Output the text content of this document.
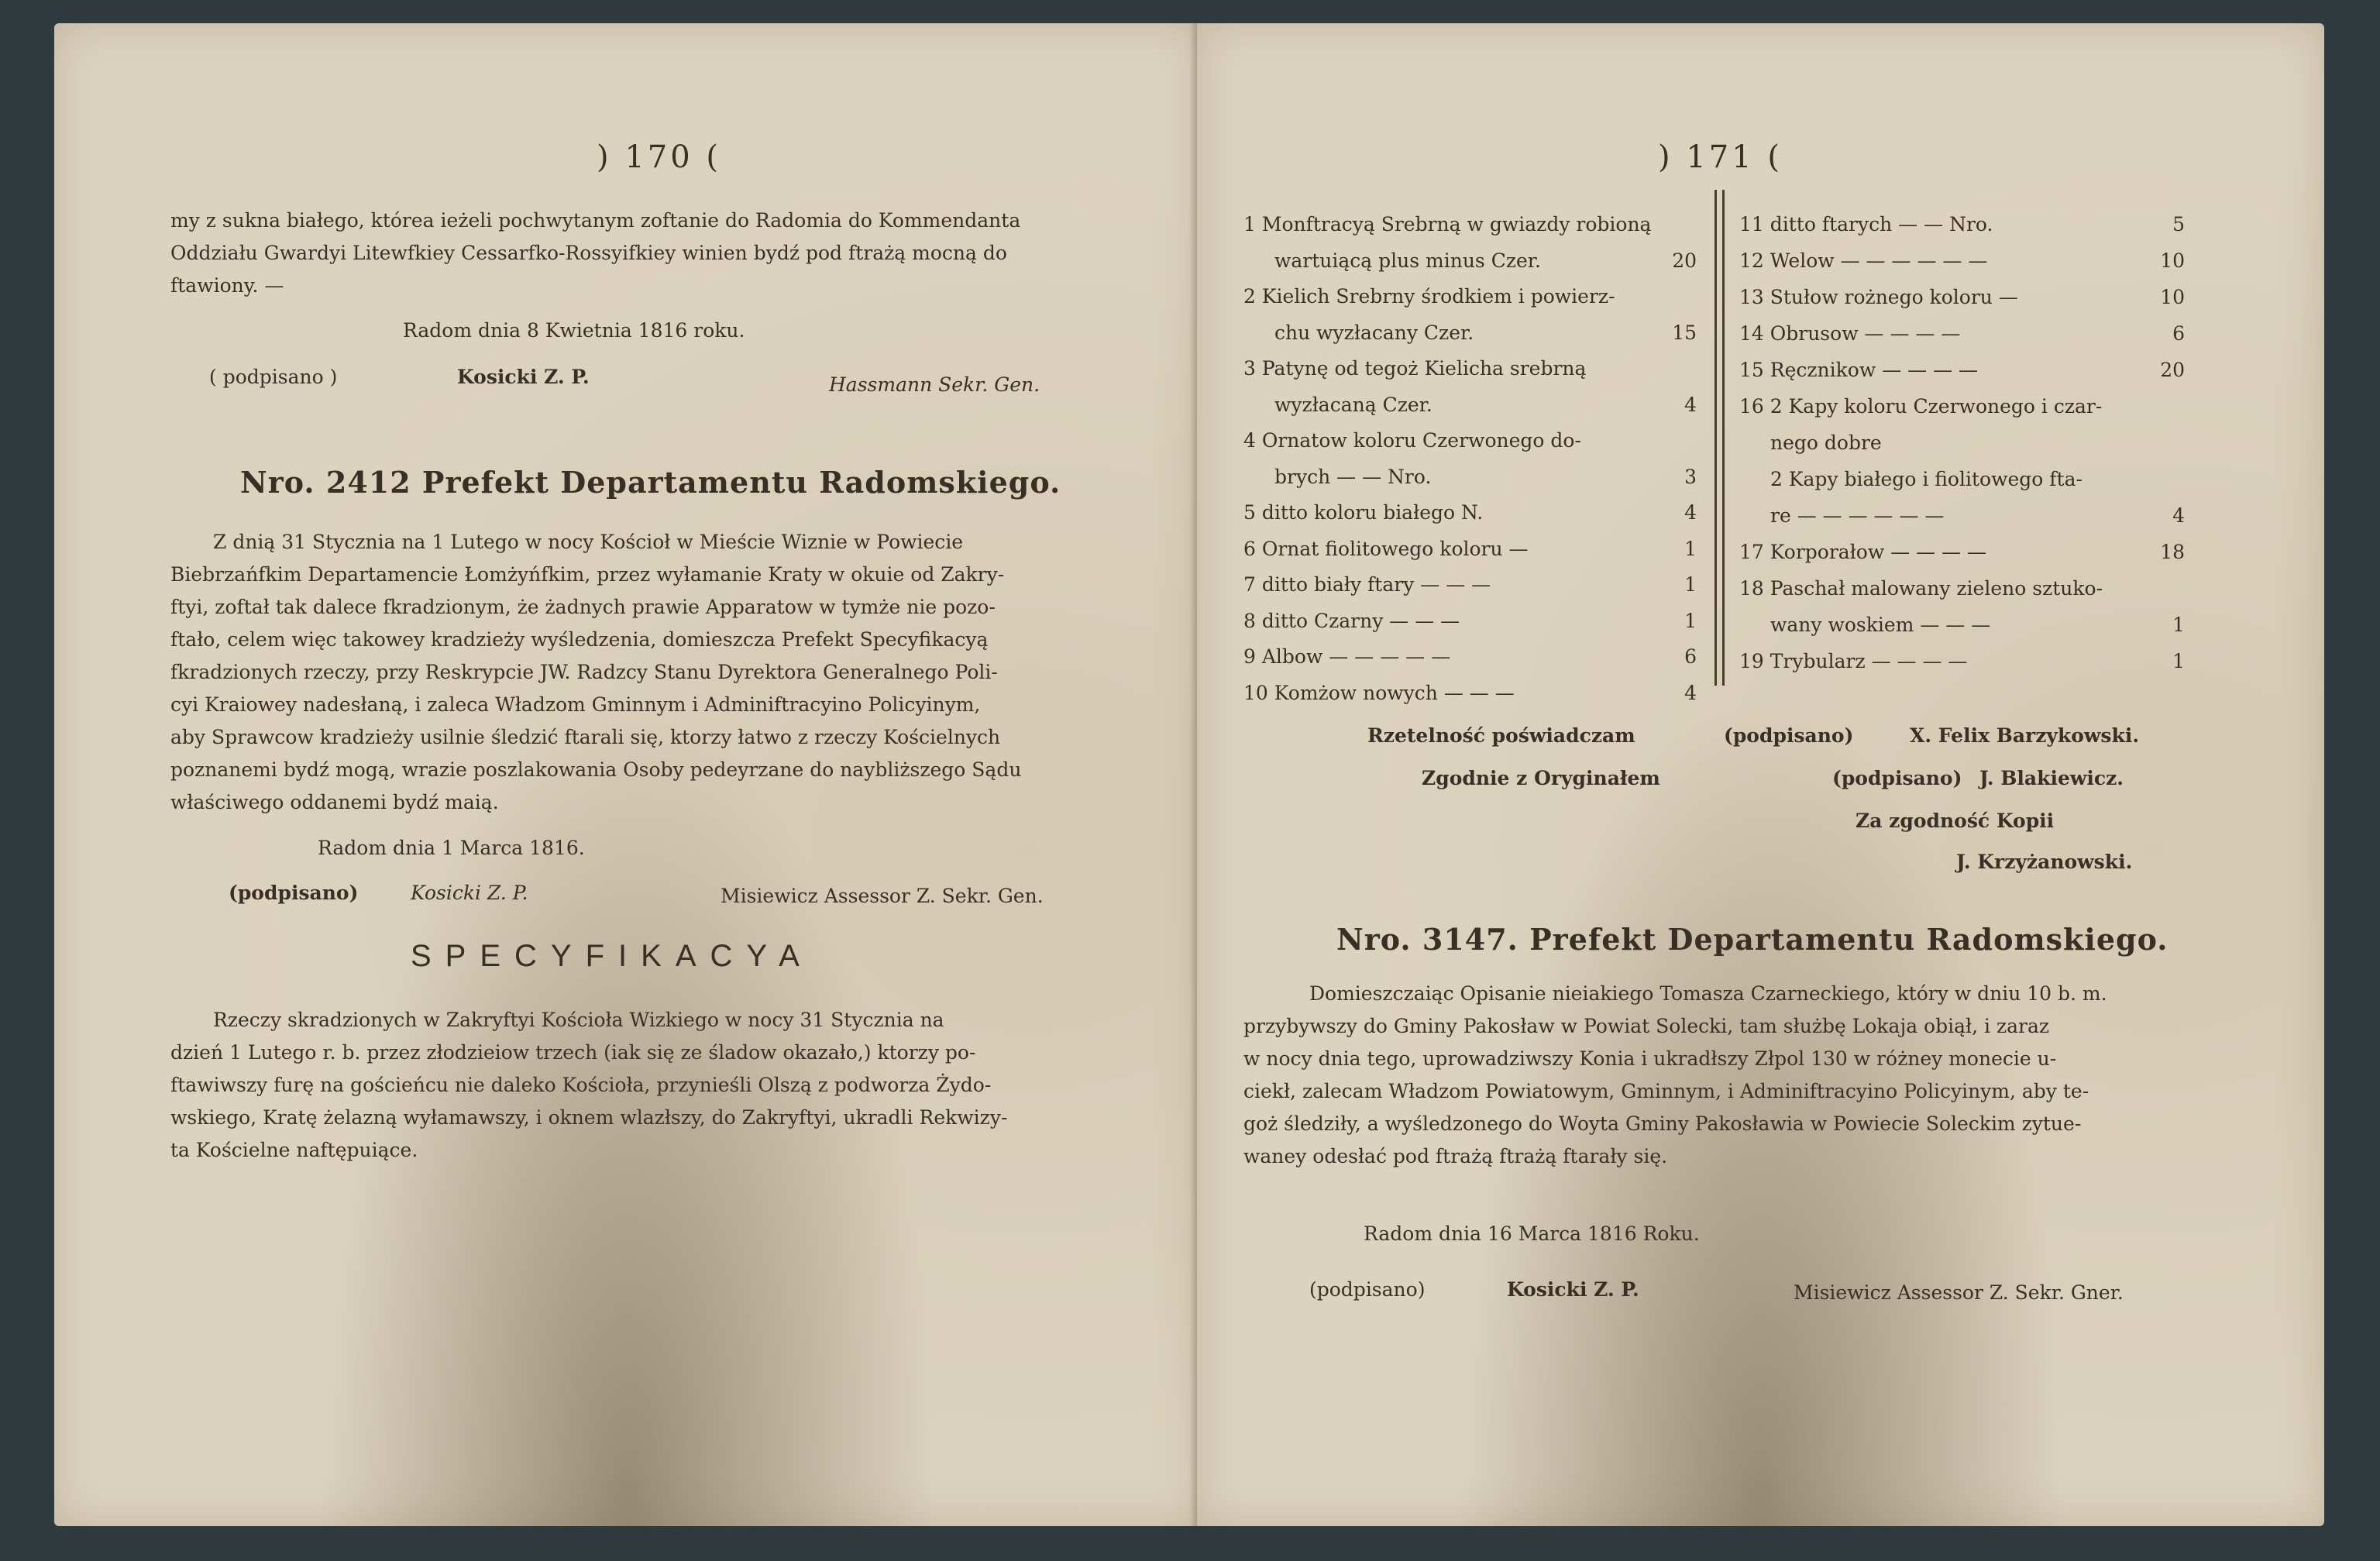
) 170 (
my z sukna białego, którea ieżeli pochwytanym zoftanie do Radomia do Kommendanta
Oddziału Gwardyi Litewfkiey Cessarfko-Rossyifkiey winien bydź pod ftrażą mocną do
ftawiony. —
Radom dnia 8 Kwietnia 1816 roku.
( podpisano )	Kosicki Z. P.	Hassmann Sekr. Gen.
Nro. 2412 Prefekt Departamentu Radomskiego.
Z dnią 31 Stycznia na 1 Lutego w nocy Kościoł w Mieście Wiznie w Powiecie
Biebrzańfkim Departamencie Łomżyńfkim, przez wyłamanie Kraty w okuie od Zakry-
ftyi, zoftał tak dalece fkradzionym, że żadnych prawie Apparatow w tymże nie pozo-
ftało, celem więc takowey kradzieży wyśledzenia, domieszcza Prefekt Specyfikacyą
fkradzionych rzeczy, przy Reskrypcie JW. Radzcy Stanu Dyrektora Generalnego Poli-
cyi Kraiowey nadesłaną, i zaleca Władzom Gminnym i Adminiftracyino Policyinym,
aby Sprawcow kradzieży usilnie śledzić ftarali się, ktorzy łatwo z rzeczy Kościelnych
poznanemi bydź mogą, wrazie poszlakowania Osoby pedeyrzane do naybliższego Sądu
właściwego oddanemi bydź maią.
Radom dnia 1 Marca 1816.
(podpisano)	Kosicki Z. P.	Misiewicz Assessor Z. Sekr. Gen.
SPECYFIKACYA
Rzeczy skradzionych w Zakryftyi Kościoła Wizkiego w nocy 31 Stycznia na
dzień 1 Lutego r. b. przez złodzieiow trzech (iak się ze śladow okazało,) ktorzy po-
ftawiwszy furę na gościeńcu nie daleko Kościoła, przynieśli Olszą z podworza Żydo-
wskiego, Kratę żelazną wyłamawszy, i oknem wlazłszy, do Zakryftyi, ukradli Rekwizy-
ta Kościelne naftępuiące.
) 171 (
1 Monftracyą Srebrną w gwiazdy robioną
wartuiącą plus minus Czer.	20
2 Kielich Srebrny środkiem i powierz-
chu wyzłacany Czer.	15
3 Patynę od tegoż Kielicha srebrną
wyzłacaną Czer.	4
4 Ornatow koloru Czerwonego do-
brych — — Nro.	3
5 ditto koloru białego N.	4
6 Ornat fiolitowego koloru —	1
7 ditto biały ftary — — —	1
8 ditto Czarny — — —	1
9 Albow — — — — —	6
10 Komżow nowych — — —	4
11 ditto ftarych — — Nro.	5
12 Welow — — — — — —	10
13 Stułow rożnego koloru —	10
14 Obrusow — — — —	6
15 Ręcznikow — — — —	20
16 2 Kapy koloru Czerwonego i czar-
nego dobre
2 Kapy białego i fiolitowego fta-
re — — — — — —	4
17 Korporałow — — — —	18
18 Paschał malowany zieleno sztuko-
wany woskiem — — —	1
19 Trybularz — — — —	1
Rzetelność poświadczam	(podpisano)	X. Felix Barzykowski.
Zgodnie z Oryginałem	(podpisano) J. Blakiewicz.
Za zgodność Kopii
J. Krzyżanowski.
Nro. 3147. Prefekt Departamentu Radomskiego.
Domieszczaiąc Opisanie nieiakiego Tomasza Czarneckiego, który w dniu 10 b. m.
przybywszy do Gminy Pakosław w Powiat Solecki, tam służbę Lokaja obiął, i zaraz
w nocy dnia tego, uprowadziwszy Konia i ukradłszy Złpol 130 w różney monecie u-
ciekł, zalecam Władzom Powiatowym, Gminnym, i Adminiftracyino Policyinym, aby te-
goż śledziły, a wyśledzonego do Woyta Gminy Pakosławia w Powiecie Soleckim zytue-
waney odesłać pod ftrażą ftrażą ftarały się.
Radom dnia 16 Marca 1816 Roku.
(podpisano)	Kosicki Z. P.	Misiewicz Assessor Z. Sekr. Gner.
